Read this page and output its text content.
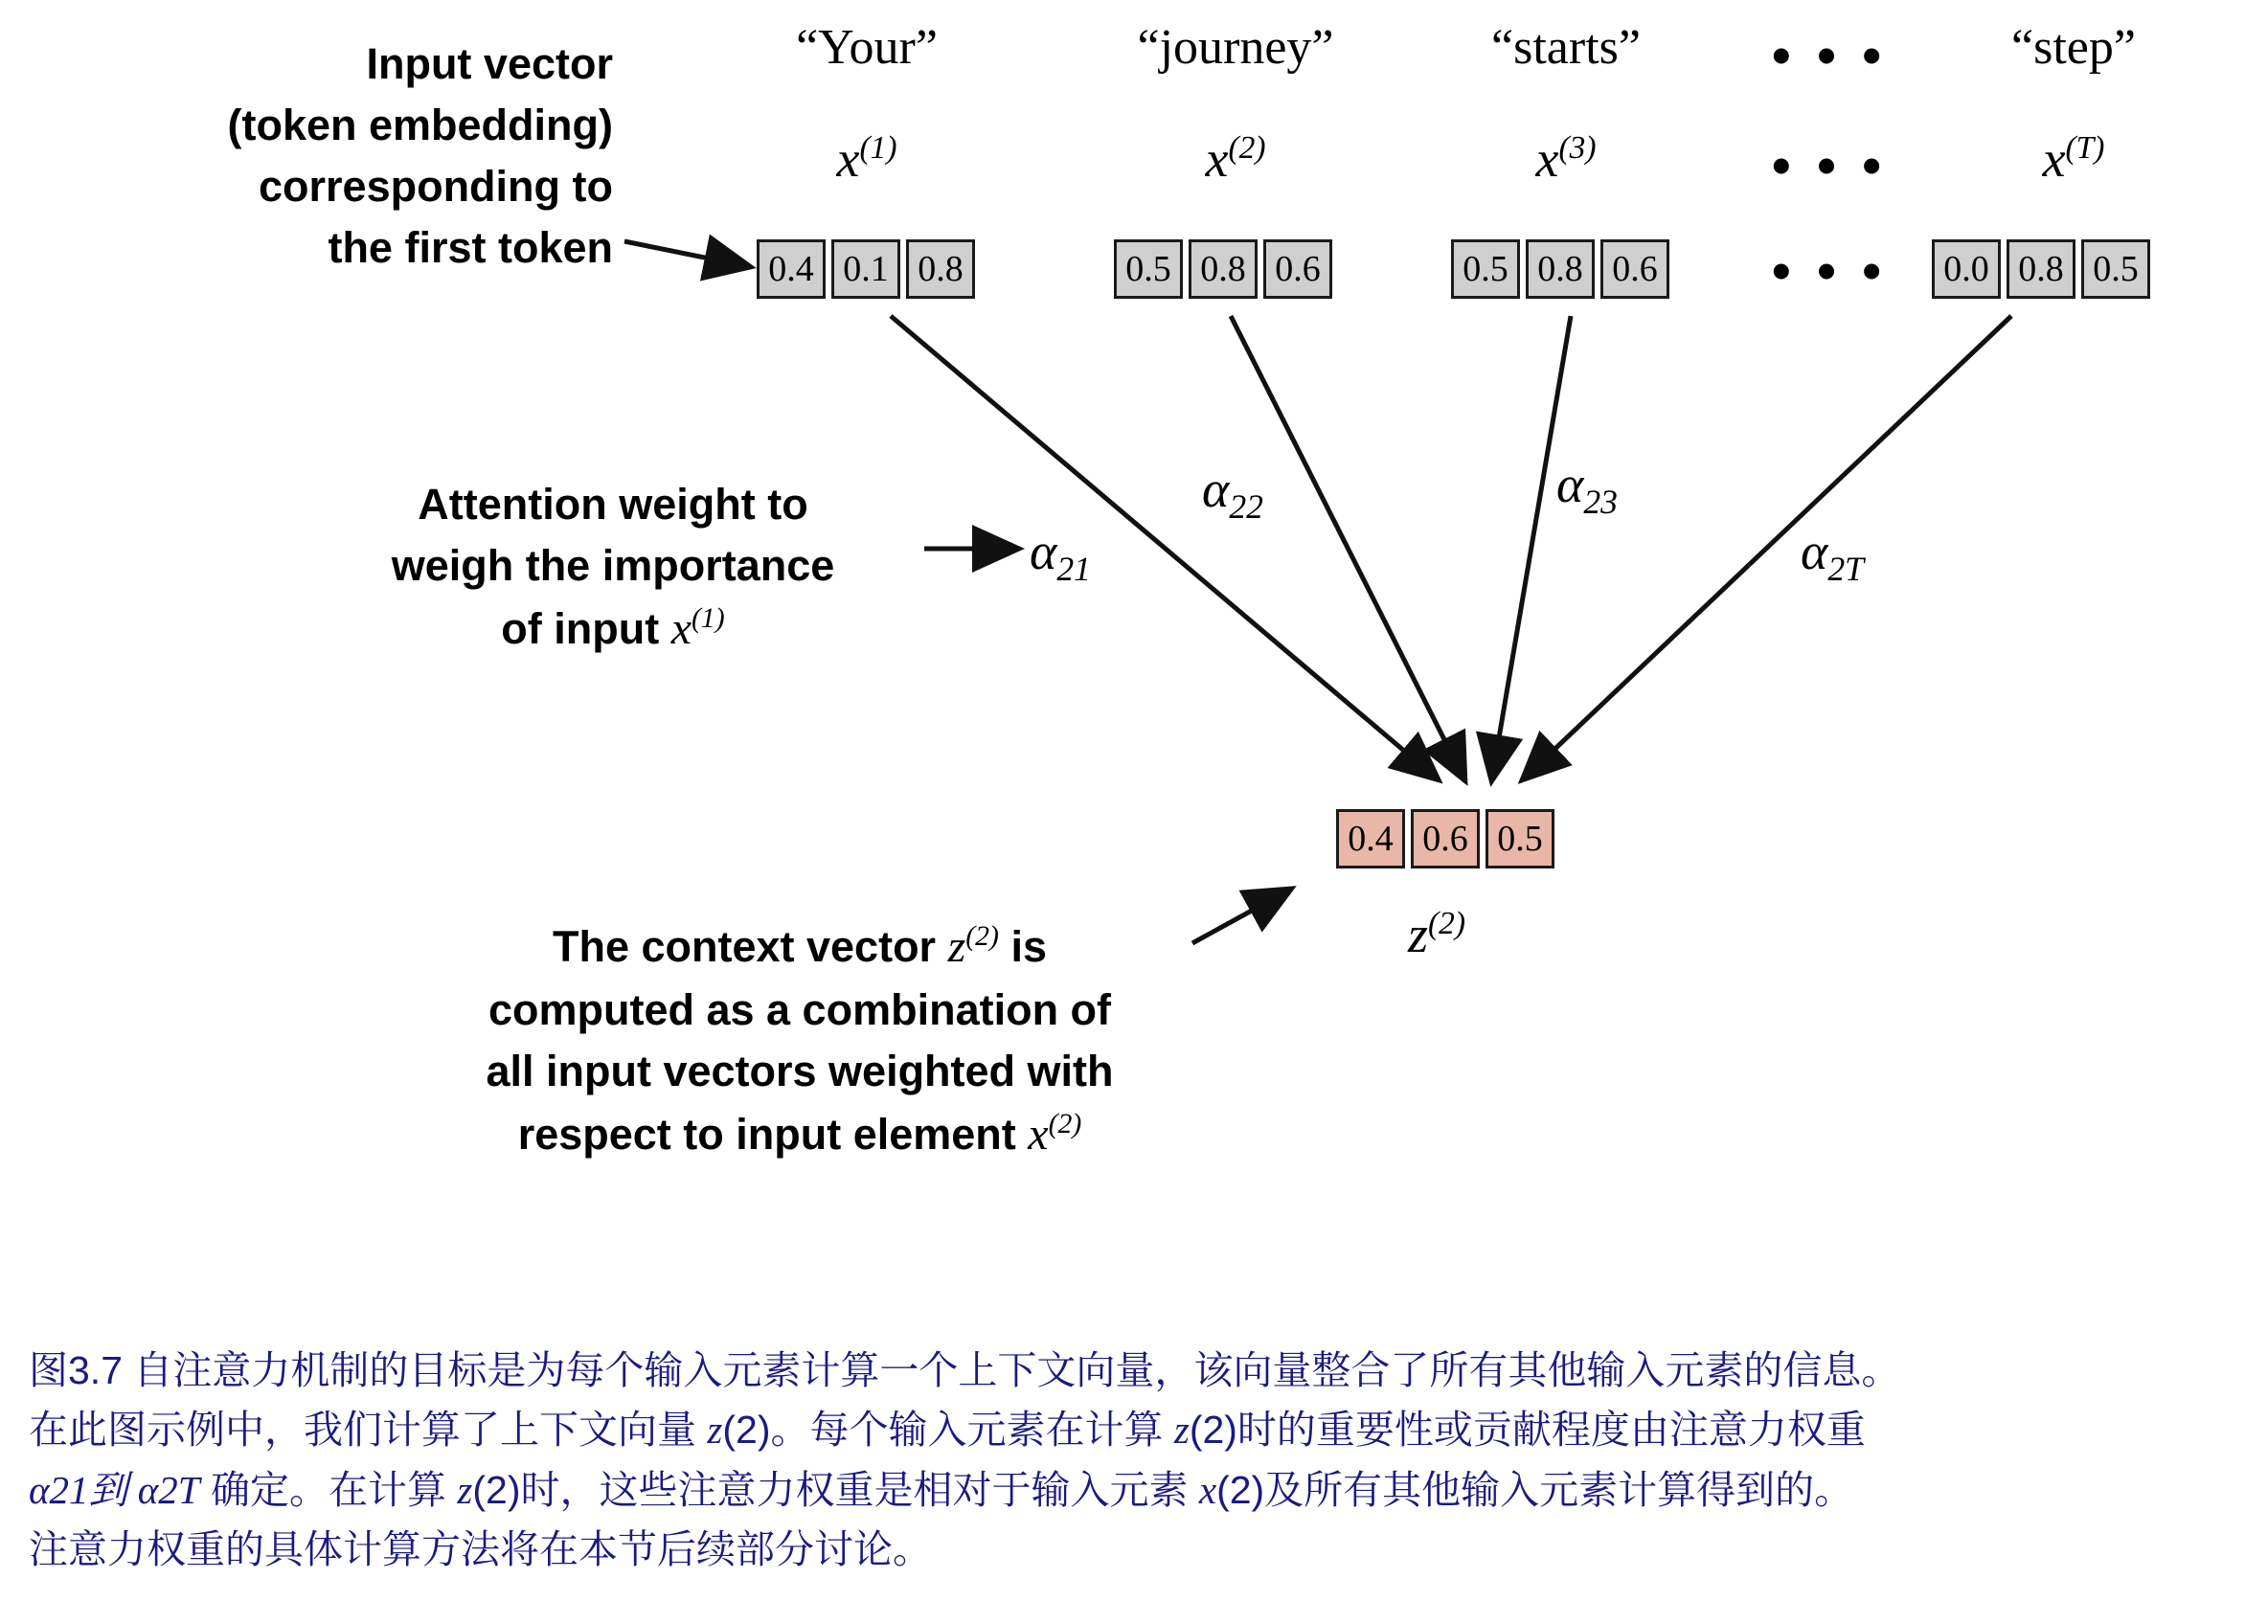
“Your”
$x^{(1)}$
0.4 0.1 0.8
“journey”
$x^{(2)}$
0.5 0.8 0.6
“starts”
$x^{(3)}$
0.5 0.8 0.6
• • •
• • •
• • •
“step”
$x^{(T)}$
0.0 0.8 0.5
Input vector
(token embedding)
corresponding to
the first token
Attention weight to
weigh the importance
of input $x^{(1)}$
$\alpha_{21}$
$\alpha_{22}$	$\alpha_{23}$
$\alpha_{2T}$
0.4 0.6 0.5
$z^{(2)}$
The context vector $z^{(2)}$ is
computed as a combination of
all input vectors weighted with
respect to input element $x^{(2)}$

图3.7 自注意力机制的目标是为每个输入元素计算一个上下文向量，该向量整合了所有其他输入元素的信息。

在此图示例中，我们计算了上下文向量 z(2)。每个输入元素在计算 z(2)时的重要性或贡献程度由注意力权重

α21到 α2T 确定。在计算 z(2)时，这些注意力权重是相对于输入元素 x(2)及所有其他输入元素计算得到的。

注意力权重的具体计算方法将在本节后续部分讨论。
